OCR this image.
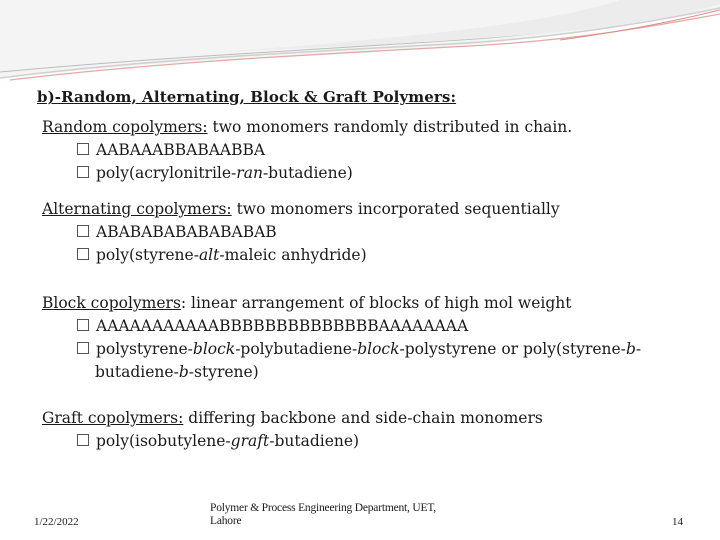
b)-Random, Alternating, Block & Graft Polymers:
Random copolymers: two monomers randomly distributed in chain.
AABAAABBABAABBA
poly(acrylonitrile-ran-butadiene)
Alternating copolymers: two monomers incorporated sequentially
ABABABABABABABAB
poly(styrene-alt-maleic anhydride)
Block copolymers: linear arrangement of blocks of high mol weight
AAAAAAAAAAABBBBBBBBBBBBBBAAAAAAAA
polystyrene-block-polybutadiene-block-polystyrene or poly(styrene-b-
butadiene-b-styrene)
Graft copolymers: differing backbone and side-chain monomers
poly(isobutylene-graft-butadiene)
1/22/2022
Polymer & Process Engineering Department, UET,
Lahore	14
